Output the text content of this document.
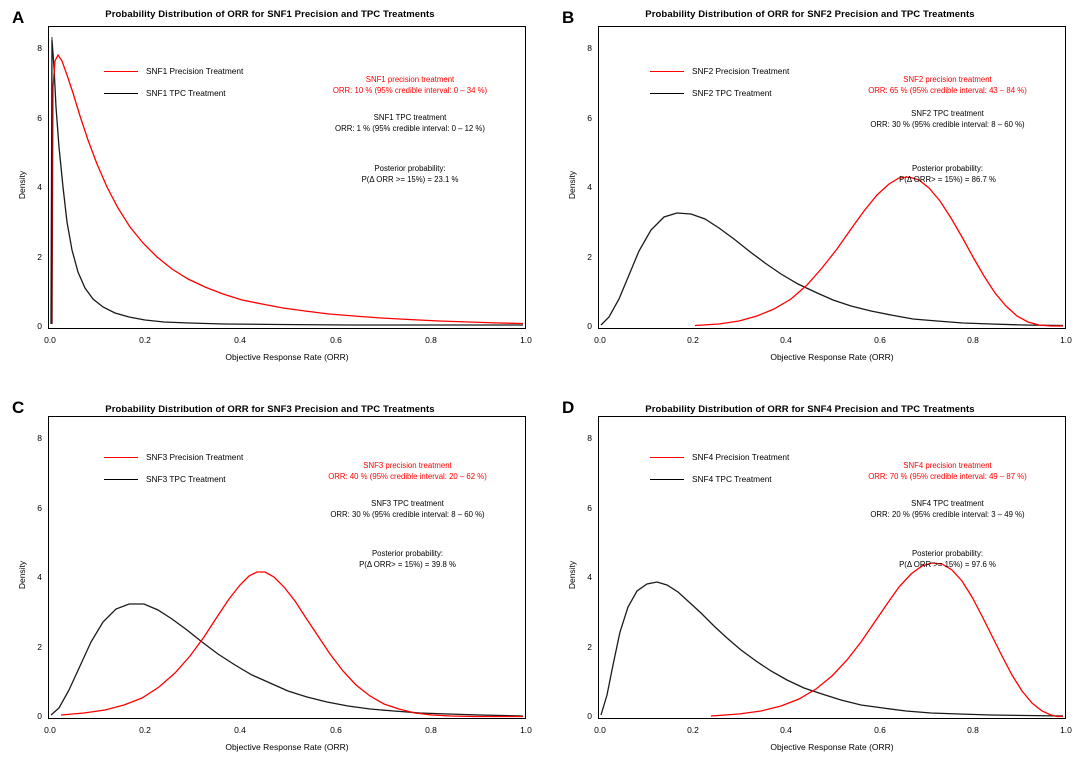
A	Probability Distribution of ORR for SNF1 Precision and TPC Treatments
Density
0
2
4
6
8
0.0	0.2	0.4	0.6	0.8	1.0
Objective Response Rate (ORR)
SNF1 Precision Treatment
SNF1 TPC Treatment
SNF1 precision treatment
ORR: 10 % (95% credible interval: 0 – 34 %)
SNF1 TPC treatment
ORR: 1 % (95% credible interval: 0 – 12 %)
Posterior probability:
P(Δ ORR >= 15%) = 23.1 %
B	Probability Distribution of ORR for SNF2 Precision and TPC Treatments
Density
0
2
4
6
8
0.0	0.2	0.4	0.6	0.8	1.0
Objective Response Rate (ORR)
SNF2 Precision Treatment
SNF2 TPC Treatment
SNF2 precision treatment
ORR: 65 % (95% credible interval: 43 – 84 %)
SNF2 TPC treatment
ORR: 30 % (95% credible interval: 8 – 60 %)
Posterior probability:
P(Δ ORR> = 15%) = 86.7 %
C	Probability Distribution of ORR for SNF3 Precision and TPC Treatments
Density
0
2
4
6
8
0.0	0.2	0.4	0.6	0.8	1.0
Objective Response Rate (ORR)
SNF3 Precision Treatment
SNF3 TPC Treatment
SNF3 precision treatment
ORR: 40 % (95% credible interval: 20 – 62 %)
SNF3 TPC treatment
ORR: 30 % (95% credible interval: 8 – 60 %)
Posterior probability:
P(Δ ORR> = 15%) = 39.8 %
D	Probability Distribution of ORR for SNF4 Precision and TPC Treatments
Density
0
2
4
6
8
0.0	0.2	0.4	0.6	0.8	1.0
Objective Response Rate (ORR)
SNF4 Precision Treatment
SNF4 TPC Treatment
SNF4 precision treatment
ORR: 70 % (95% credible interval: 49 – 87 %)
SNF4 TPC treatment
ORR: 20 % (95% credible interval: 3 – 49 %)
Posterior probability:
P(Δ ORR >= 15%) = 97.6 %
